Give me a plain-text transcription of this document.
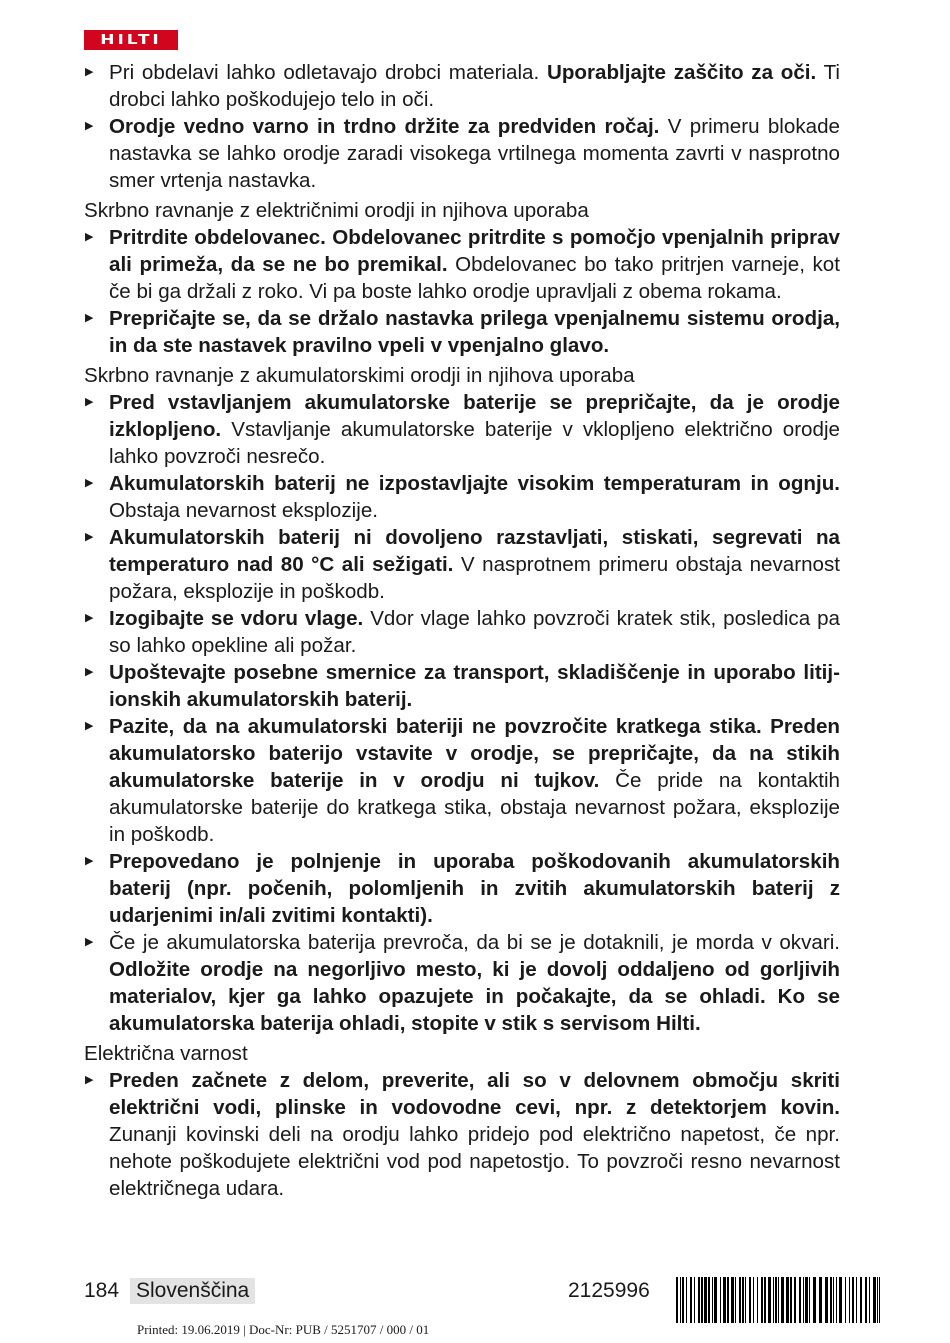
HILTI
▶ Pri obdelavi lahko odletavajo drobci materiala. Uporabljajte zaščito za oči. Ti drobci lahko poškodujejo telo in oči.
▶ Orodje vedno varno in trdno držite za predviden ročaj. V primeru blokade nastavka se lahko orodje zaradi visokega vrtilnega momenta zavrti v nasprotno smer vrtenja nastavka.
Skrbno ravnanje z električnimi orodji in njihova uporaba
▶ Pritrdite obdelovanec. Obdelovanec pritrdite s pomočjo vpenjalnih priprav ali primeža, da se ne bo premikal. Obdelovanec bo tako pritrjen varneje, kot če bi ga držali z roko. Vi pa boste lahko orodje upravljali z obema rokama.
▶ Prepričajte se, da se držalo nastavka prilega vpenjalnemu sistemu orodja, in da ste nastavek pravilno vpeli v vpenjalno glavo.
Skrbno ravnanje z akumulatorskimi orodji in njihova uporaba
▶ Pred vstavljanjem akumulatorske baterije se prepričajte, da je orodje izklopljeno. Vstavljanje akumulatorske baterije v vklopljeno električno orodje lahko povzroči nesrečo.
▶ Akumulatorskih baterij ne izpostavljajte visokim temperaturam in ognju. Obstaja nevarnost eksplozije.
▶ Akumulatorskih baterij ni dovoljeno razstavljati, stiskati, segrevati na temperaturo nad 80 °C ali sežigati. V nasprotnem primeru obstaja nevarnost požara, eksplozije in poškodb.
▶ Izogibajte se vdoru vlage. Vdor vlage lahko povzroči kratek stik, posledica pa so lahko opekline ali požar.
▶ Upoštevajte posebne smernice za transport, skladiščenje in uporabo litij-ionskih akumulatorskih baterij.
▶ Pazite, da na akumulatorski bateriji ne povzročite kratkega stika. Preden akumulatorsko baterijo vstavite v orodje, se prepričajte, da na stikih akumulatorske baterije in v orodju ni tujkov. Če pride na kontaktih akumulatorske baterije do kratkega stika, obstaja nevarnost požara, eksplozije in poškodb.
▶ Prepovedano je polnjenje in uporaba poškodovanih akumulatorskih baterij (npr. počenih, polomljenih in zvitih akumulatorskih baterij z udarjenimi in/ali zvitimi kontakti).
▶ Če je akumulatorska baterija prevroča, da bi se je dotaknili, je morda v okvari. Odložite orodje na negorljivo mesto, ki je dovolj oddaljeno od gorljivih materialov, kjer ga lahko opazujete in počakajte, da se ohladi. Ko se akumulatorska baterija ohladi, stopite v stik s servisom Hilti.
Električna varnost
▶ Preden začnete z delom, preverite, ali so v delovnem območju skriti električni vodi, plinske in vodovodne cevi, npr. z detektorjem kovin. Zunanji kovinski deli na orodju lahko pridejo pod električno napetost, če npr. nehote poškodujete električni vod pod napetostjo. To povzroči resno nevarnost električnega udara.
184 Slovenščina	2125996
Printed: 19.06.2019 | Doc-Nr: PUB / 5251707 / 000 / 01
